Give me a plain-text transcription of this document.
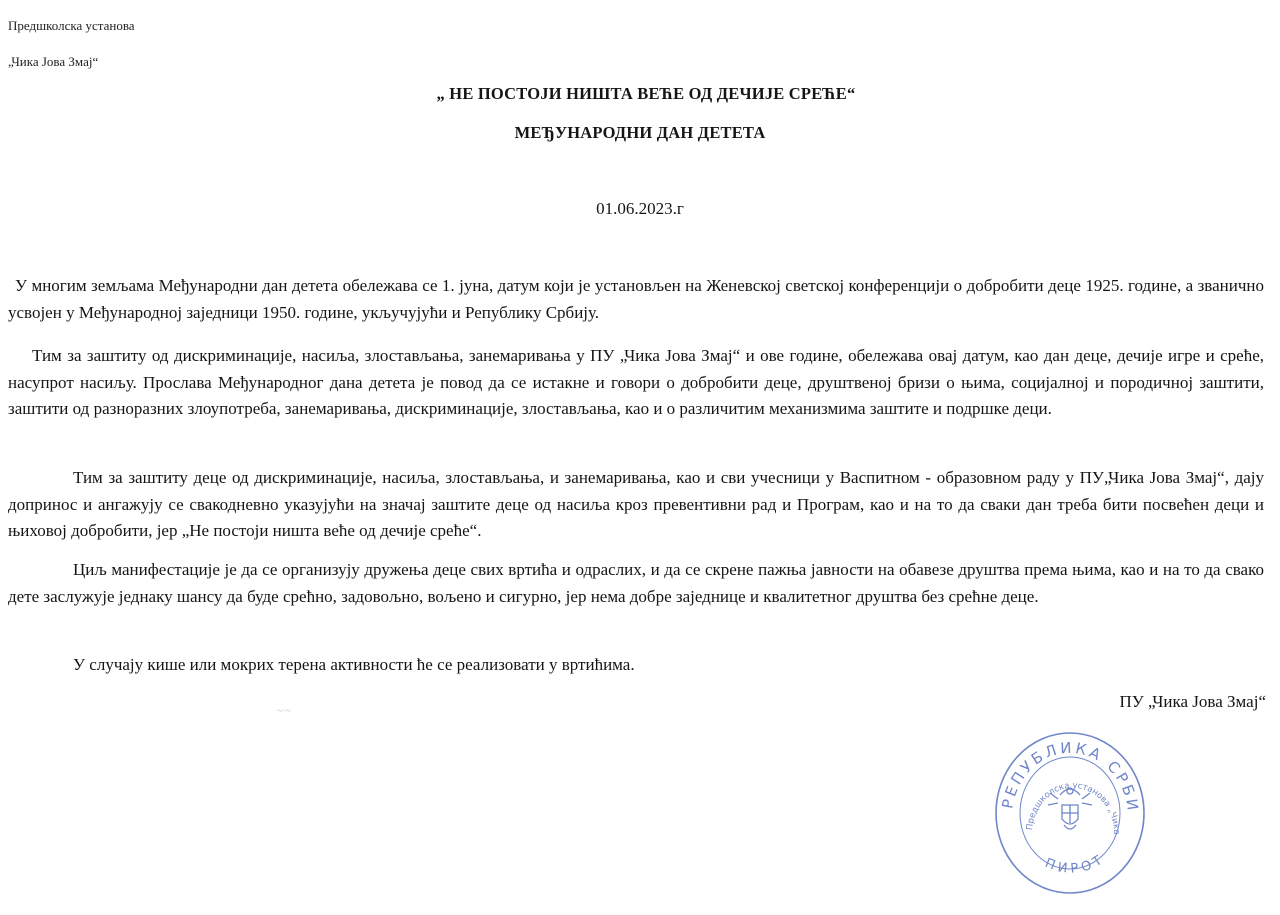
Предшколска установа
„Чика Јова Змај“
„ НЕ ПОСТОЈИ НИШТА ВЕЋЕ ОД ДЕЧИЈЕ СРЕЋЕ“
МЕЂУНАРОДНИ ДАН ДЕТЕТА
01.06.2023.г

У многим земљама Међународни дан детета обележава се 1. јуна, датум који је установљен на Женевској светској конференцији о добробити деце 1925. године, а званично усвојен у Међународној заједници 1950. године, укључујући и Републику Србију.

Тим за заштиту од дискриминације, насиља, злостављања, занемаривања у ПУ „Чика Јова Змај“ и ове године, обележава овај датум, као дан деце, дечије игре и среће, насупрот насиљу. Прослава Међународног дана детета је повод да се истакне и говори о добробити деце, друштвеној бризи о њима, социјалној и породичној заштити, заштити од разноразних злоупотреба, занемаривања, дискриминације, злостављања, као и о различитим механизмима заштите и подршке деци.

Тим за заштиту деце од дискриминације, насиља, злостављања, и занемаривања, као и сви учесници у Васпитном - образовном раду у ПУ„Чика Јова Змај“, дају допринос и ангажују се свакодневно указујући на значај заштите деце од насиља кроз превентивни рад и Програм, као и на то да сваки дан треба бити посвећен деци и њиховој добробити, јер „Не постоји ништа веће од дечије среће“.

Циљ манифестације је да се организују дружења деце свих вртића и одраслих, и да се скрене пажња јавности на обавезе друштва према њима, као и на то да свако дете заслужује једнаку шансу да буде срећно, задовољно, вољено и сигурно, јер нема добре заједнице и квалитетног друштва без срећне деце.

У случају кише или мокрих терена активности ће се реализовати у вртићима.

ПУ „Чика Јова Змај“
~·~
РЕПУБЛИКА СРБИ
Предшколска установа „Чика
ПИРОТ
